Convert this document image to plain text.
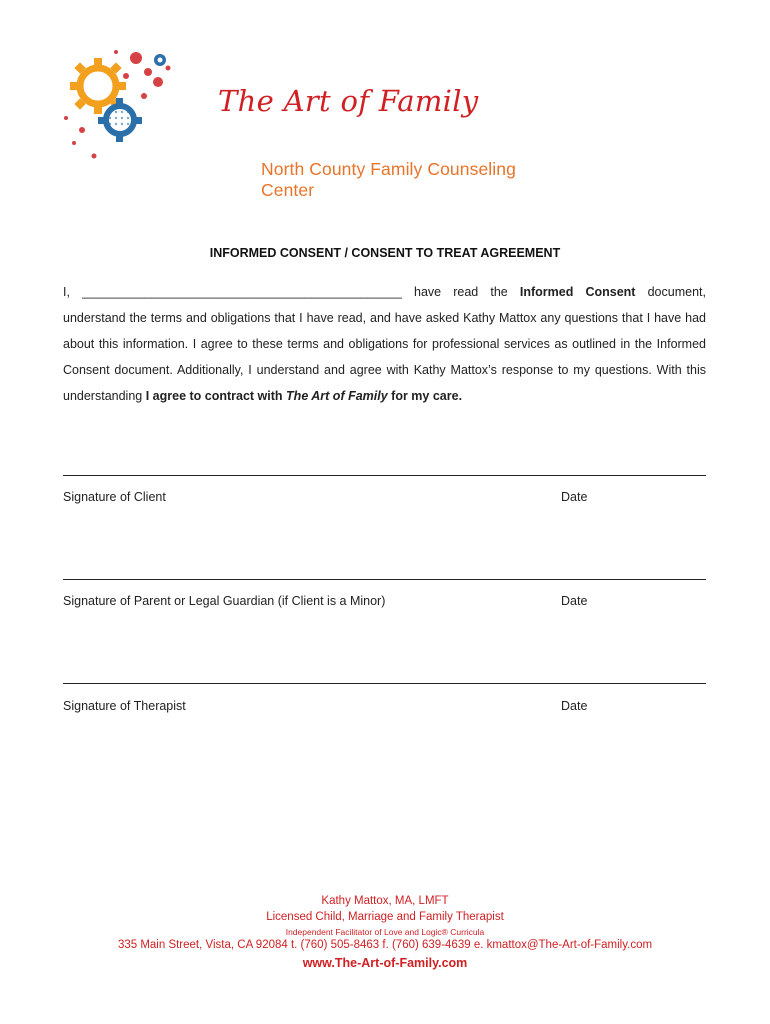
The Art of Family
North County Family Counseling Center
INFORMED CONSENT / CONSENT TO TREAT AGREEMENT
I, ______________________________________________ have read the Informed Consent document, understand the terms and obligations that I have read, and have asked Kathy Mattox any questions that I have had about this information. I agree to these terms and obligations for professional services as outlined in the Informed Consent document. Additionally, I understand and agree with Kathy Mattox’s response to my questions. With this understanding I agree to contract with The Art of Family for my care.
Signature of Client	Date
Signature of Parent or Legal Guardian (if Client is a Minor)	Date
Signature of Therapist	Date
Kathy Mattox, MA, LMFT
Licensed Child, Marriage and Family Therapist
Independent Facilitator of Love and Logic® Curricula
335 Main Street, Vista, CA 92084 t. (760) 505-8463 f. (760) 639-4639 e. kmattox@The-Art-of-Family.com
www.The-Art-of-Family.com
